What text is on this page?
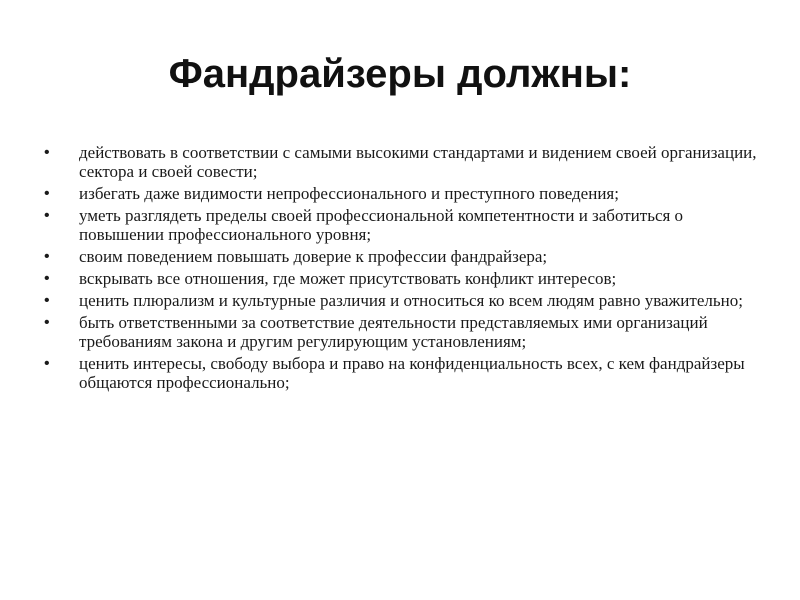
Фандрайзеры должны:
• действовать в соответствии с самыми высокими стандартами и видением своей организации, сектора и своей совести;
• избегать даже видимости непрофессионального и преступного поведения;
• уметь разглядеть пределы своей профессиональной компетентности и заботиться о повышении профессионального уровня;
• своим поведением повышать доверие к профессии фандрайзера;
• вскрывать все отношения, где может присутствовать конфликт интересов;
• ценить плюрализм и культурные различия и относиться ко всем людям равно уважительно;
• быть ответственными за соответствие деятельности представляемых ими организаций требованиям закона и другим регулирующим установлениям;
• ценить интересы, свободу выбора и право на конфиденциальность всех, с кем фандрайзеры общаются профессионально;
